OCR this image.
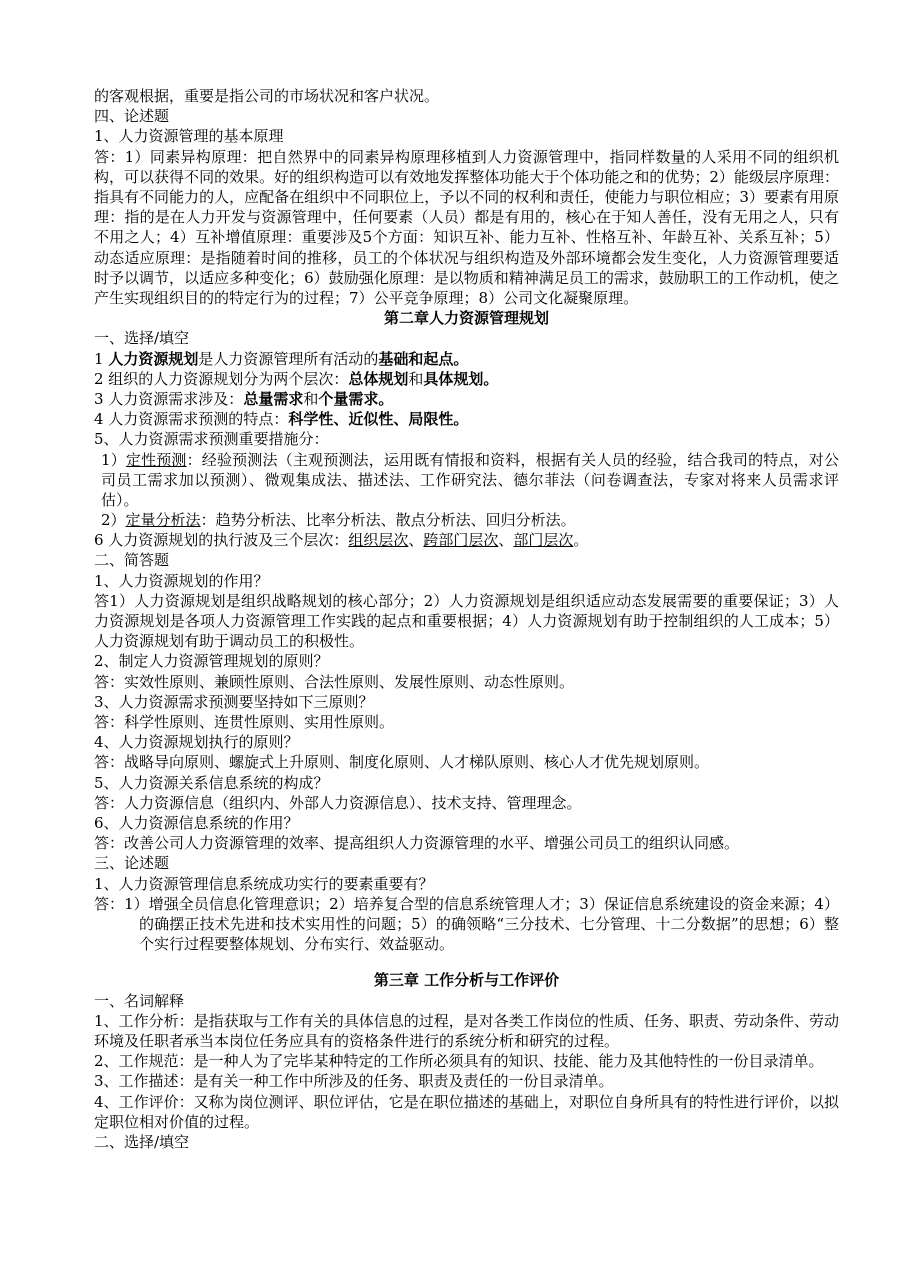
的客观根据，重要是指公司的市场状况和客户状况。
四、论述题
1、人力资源管理的基本原理
答：1）同素异构原理：把自然界中的同素异构原理移植到人力资源管理中，指同样数量的人采用不同的组织机构，可以获得不同的效果。好的组织构造可以有效地发挥整体功能大于个体功能之和的优势；2）能级层序原理：指具有不同能力的人，应配备在组织中不同职位上，予以不同的权利和责任，使能力与职位相应；3）要素有用原理：指的是在人力开发与资源管理中，任何要素（人员）都是有用的，核心在于知人善任，没有无用之人，只有不用之人；4）互补增值原理：重要涉及5个方面：知识互补、能力互补、性格互补、年龄互补、关系互补；5）动态适应原理：是指随着时间的推移，员工的个体状况与组织构造及外部环境都会发生变化，人力资源管理要适时予以调节，以适应多种变化；6）鼓励强化原理：是以物质和精神满足员工的需求，鼓励职工的工作动机，使之产生实现组织目的的特定行为的过程；7）公平竞争原理；8）公司文化凝聚原理。
第二章人力资源管理规划
一、选择/填空
1 人力资源规划是人力资源管理所有活动的基础和起点。
2 组织的人力资源规划分为两个层次：总体规划和具体规划。
3 人力资源需求涉及：总量需求和个量需求。
4 人力资源需求预测的特点：科学性、近似性、局限性。
5、人力资源需求预测重要措施分：
1）定性预测：经验预测法（主观预测法，运用既有情报和资料，根据有关人员的经验，结合我司的特点，对公司员工需求加以预测）、微观集成法、描述法、工作研究法、德尔菲法（问卷调查法，专家对将来人员需求评估）。
2）定量分析法：趋势分析法、比率分析法、散点分析法、回归分析法。
6 人力资源规划的执行波及三个层次：组织层次、跨部门层次、部门层次。
二、简答题
1、人力资源规划的作用？
答1）人力资源规划是组织战略规划的核心部分；2）人力资源规划是组织适应动态发展需要的重要保证；3）人力资源规划是各项人力资源管理工作实践的起点和重要根据；4）人力资源规划有助于控制组织的人工成本；5）人力资源规划有助于调动员工的积极性。
2、制定人力资源管理规划的原则？
答：实效性原则、兼顾性原则、合法性原则、发展性原则、动态性原则。
3、人力资源需求预测要坚持如下三原则？
答：科学性原则、连贯性原则、实用性原则。
4、人力资源规划执行的原则？
答：战略导向原则、螺旋式上升原则、制度化原则、人才梯队原则、核心人才优先规划原则。
5、人力资源关系信息系统的构成？
答：人力资源信息（组织内、外部人力资源信息）、技术支持、管理理念。
6、人力资源信息系统的作用？
答：改善公司人力资源管理的效率、提高组织人力资源管理的水平、增强公司员工的组织认同感。
三、论述题
1、人力资源管理信息系统成功实行的要素重要有？
答：1）增强全员信息化管理意识；2）培养复合型的信息系统管理人才；3）保证信息系统建设的资金来源；4）的确摆正技术先进和技术实用性的问题；5）的确领略“三分技术、七分管理、十二分数据”的思想；6）整个实行过程要整体规划、分布实行、效益驱动。
第三章 工作分析与工作评价
一、名词解释
1、工作分析：是指获取与工作有关的具体信息的过程，是对各类工作岗位的性质、任务、职责、劳动条件、劳动环境及任职者承当本岗位任务应具有的资格条件进行的系统分析和研究的过程。
2、工作规范：是一种人为了完毕某种特定的工作所必须具有的知识、技能、能力及其他特性的一份目录清单。
3、工作描述：是有关一种工作中所涉及的任务、职责及责任的一份目录清单。
4、工作评价：又称为岗位测评、职位评估，它是在职位描述的基础上，对职位自身所具有的特性进行评价，以拟定职位相对价值的过程。
二、选择/填空
